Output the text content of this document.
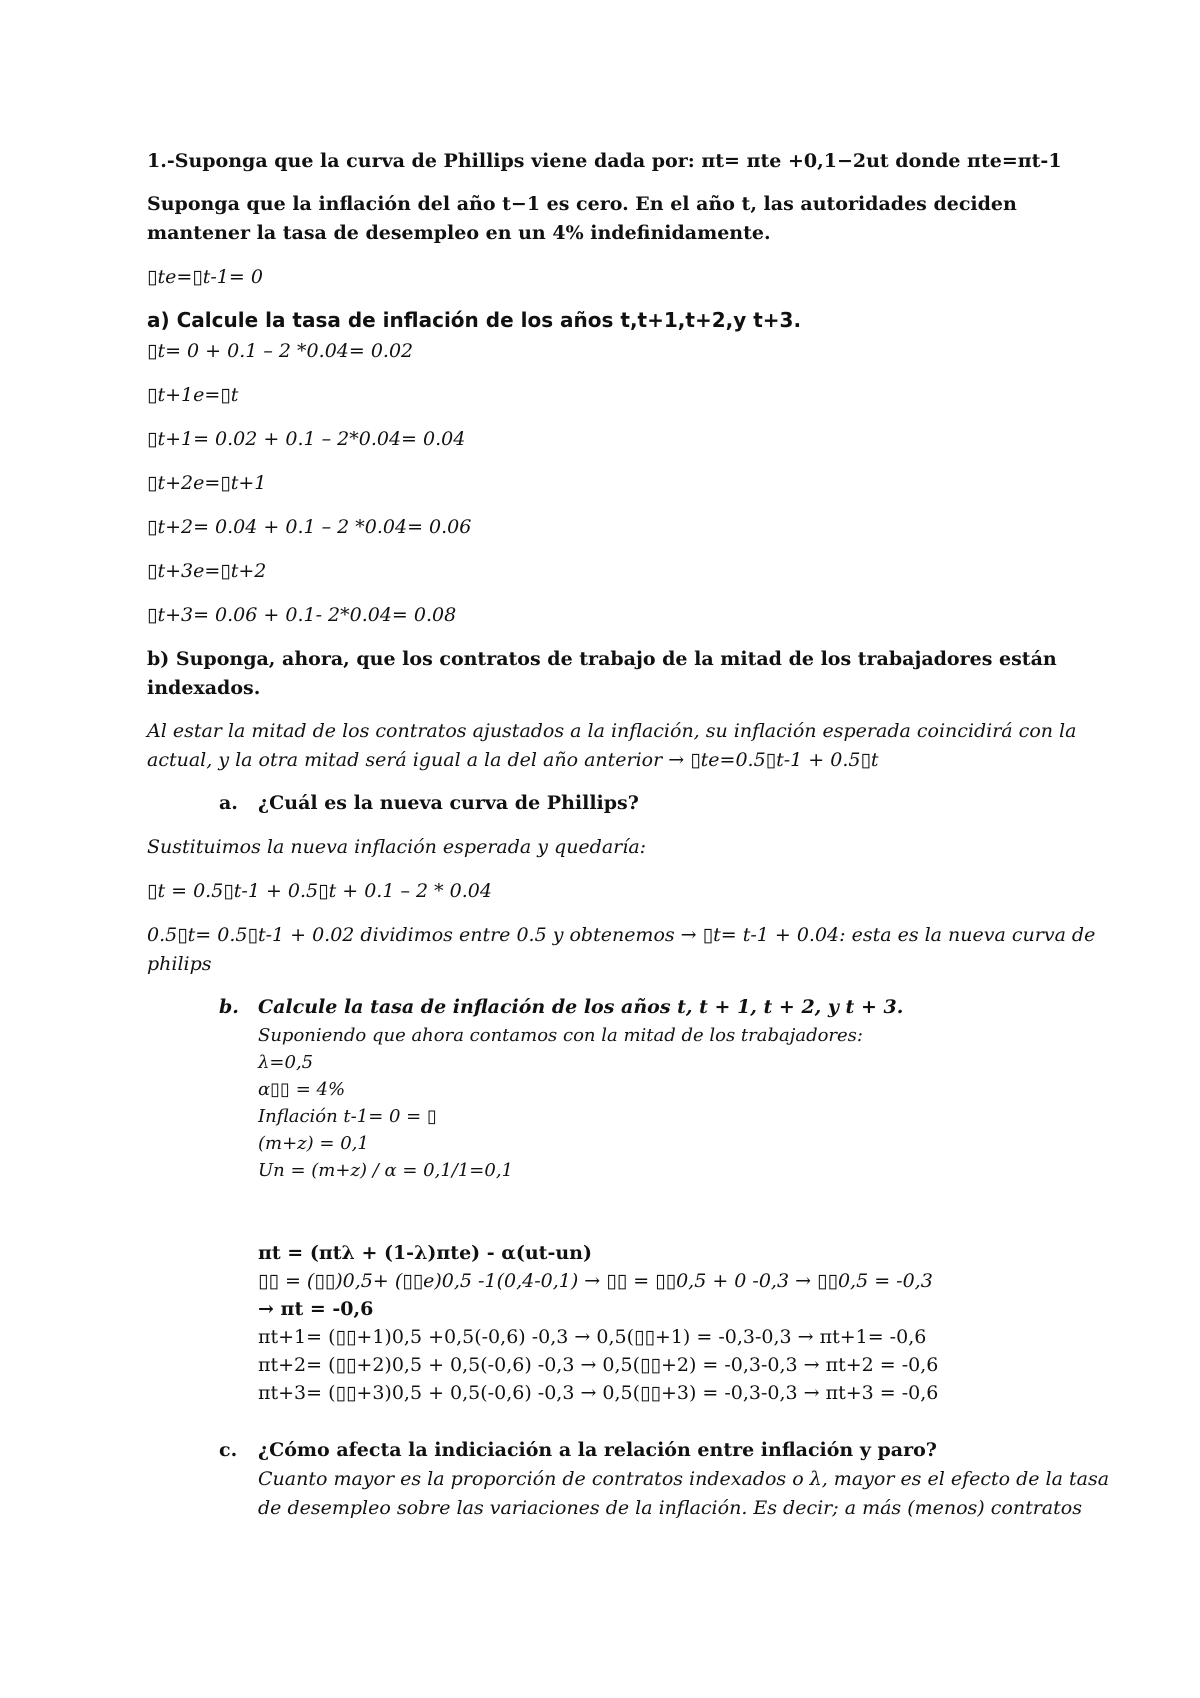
1.-Suponga que la curva de Phillips viene dada por: πt= πte +0,1−2ut donde πte=πt-1
Suponga que la inflación del año t−1 es cero. En el año t, las autoridades deciden
mantener la tasa de desempleo en un 4% indefinidamente.
▯te=▯t-1= 0
a) Calcule la tasa de inflación de los años t,t+1,t+2,y t+3.
▯t= 0 + 0.1 – 2 *0.04= 0.02
▯t+1e=▯t
▯t+1= 0.02 + 0.1 – 2*0.04= 0.04
▯t+2e=▯t+1
▯t+2= 0.04 + 0.1 – 2 *0.04= 0.06
▯t+3e=▯t+2
▯t+3= 0.06 + 0.1- 2*0.04= 0.08
b) Suponga, ahora, que los contratos de trabajo de la mitad de los trabajadores están
indexados.
Al estar la mitad de los contratos ajustados a la inflación, su inflación esperada coincidirá con la
actual, y la otra mitad será igual a la del año anterior → ▯te=0.5▯t-1 + 0.5▯t
a. ¿Cuál es la nueva curva de Phillips?
Sustituimos la nueva inflación esperada y quedaría:
▯t = 0.5▯t-1 + 0.5▯t + 0.1 – 2 * 0.04
0.5▯t= 0.5▯t-1 + 0.02 dividimos entre 0.5 y obtenemos → ▯t= t-1 + 0.04: esta es la nueva curva de
philips
b. Calcule la tasa de inflación de los años t, t + 1, t + 2, y t + 3.
Suponiendo que ahora contamos con la mitad de los trabajadores:
λ=0,5
α▯▯ = 4%
Inflación t-1= 0 = ▯
(m+z) = 0,1
Un = (m+z) / α = 0,1/1=0,1
πt = (πtλ + (1-λ)πte) - α(ut-un)
▯▯ = (▯▯)0,5+ (▯▯e)0,5 -1(0,4-0,1) → ▯▯ = ▯▯0,5 + 0 -0,3 → ▯▯0,5 = -0,3
→ πt = -0,6
πt+1= (▯▯+1)0,5 +0,5(-0,6) -0,3 → 0,5(▯▯+1) = -0,3-0,3 → πt+1= -0,6
πt+2= (▯▯+2)0,5 + 0,5(-0,6) -0,3 → 0,5(▯▯+2) = -0,3-0,3 → πt+2 = -0,6
πt+3= (▯▯+3)0,5 + 0,5(-0,6) -0,3 → 0,5(▯▯+3) = -0,3-0,3 → πt+3 = -0,6
c. ¿Cómo afecta la indiciación a la relación entre inflación y paro?
Cuanto mayor es la proporción de contratos indexados o λ, mayor es el efecto de la tasa
de desempleo sobre las variaciones de la inflación. Es decir; a más (menos) contratos
